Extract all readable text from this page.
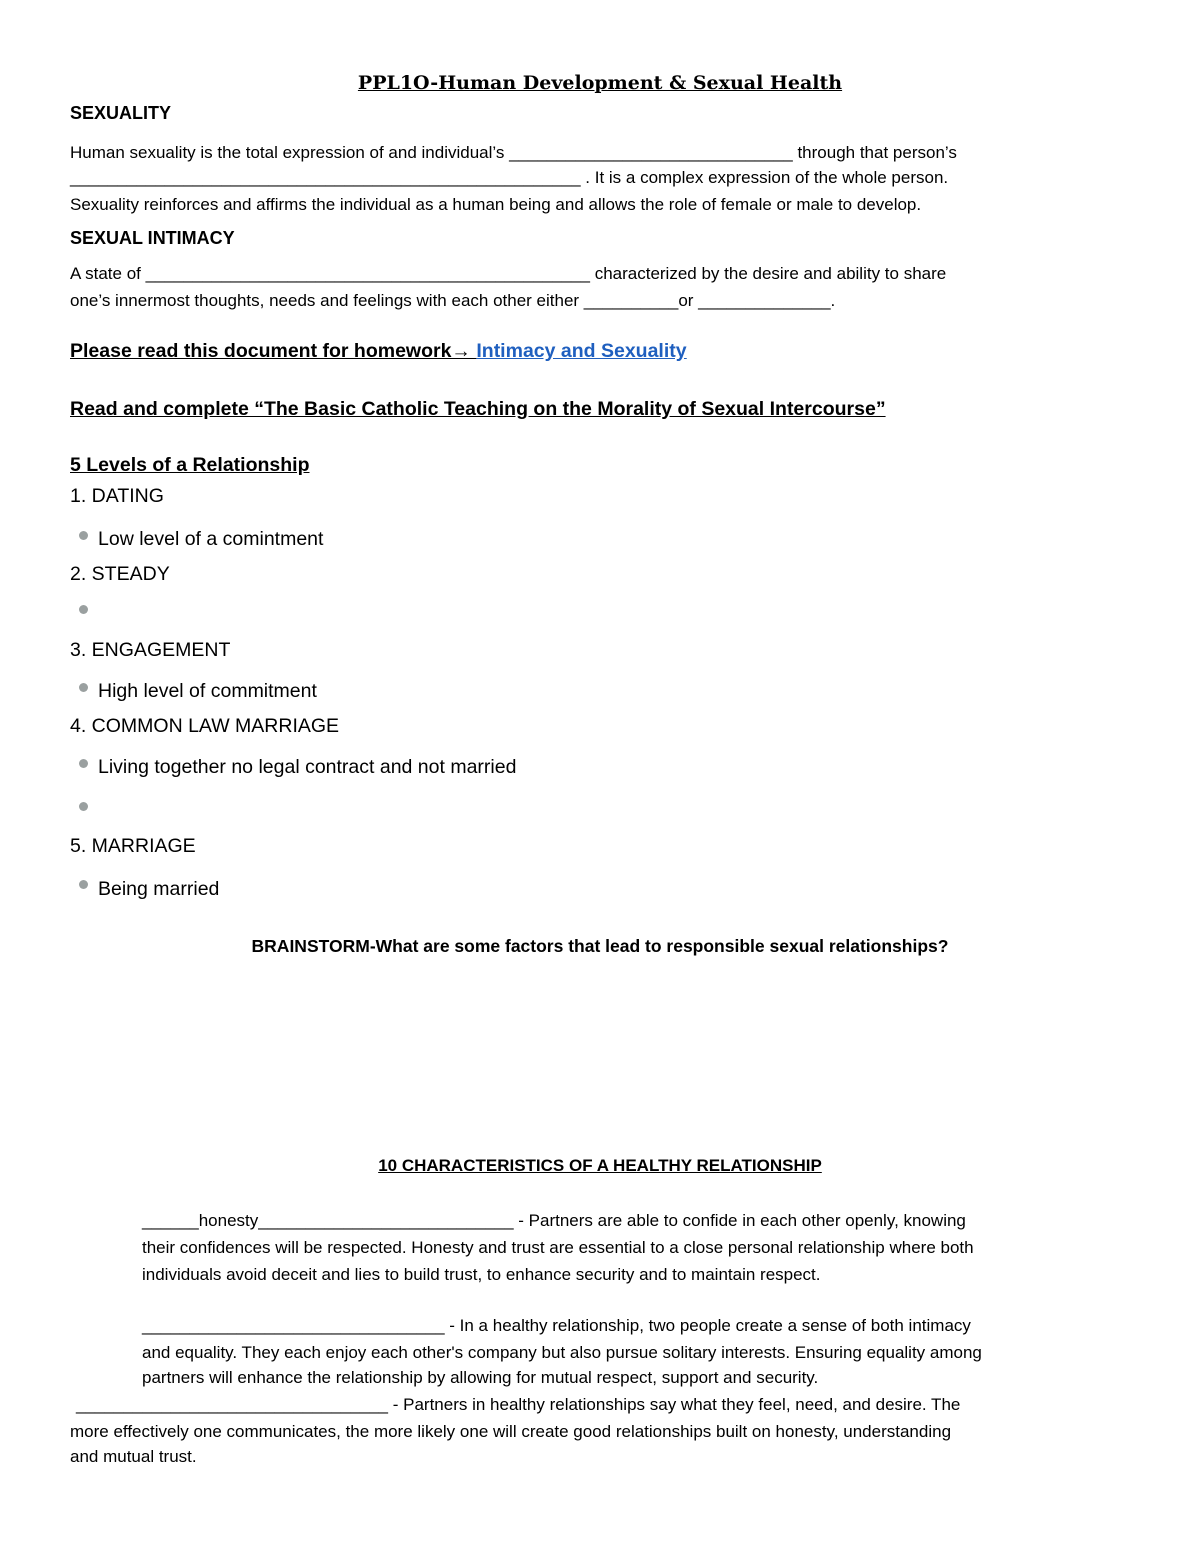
PPL1O-Human Development & Sexual Health
SEXUALITY
Human sexuality is the total expression of and individual’s ______________________________ through that person’s
______________________________________________________ . It is a complex expression of the whole person.
Sexuality reinforces and affirms the individual as a human being and allows the role of female or male to develop.
SEXUAL INTIMACY
A state of _______________________________________________ characterized by the desire and ability to share
one’s innermost thoughts, needs and feelings with each other either __________or ______________.
Please read this document for homework→ Intimacy and Sexuality
Read and complete “The Basic Catholic Teaching on the Morality of Sexual Intercourse”
5 Levels of a Relationship
1. DATING
Low level of a comintment
2. STEADY
3. ENGAGEMENT
High level of commitment
4. COMMON LAW MARRIAGE
Living together no legal contract and not married
5. MARRIAGE
Being married
BRAINSTORM-What are some factors that lead to responsible sexual relationships?
10 CHARACTERISTICS OF A HEALTHY RELATIONSHIP
______honesty___________________________ - Partners are able to confide in each other openly, knowing
their confidences will be respected. Honesty and trust are essential to a close personal relationship where both
individuals avoid deceit and lies to build trust, to enhance security and to maintain respect.
________________________________ - In a healthy relationship, two people create a sense of both intimacy
and equality. They each enjoy each other's company but also pursue solitary interests. Ensuring equality among
partners will enhance the relationship by allowing for mutual respect, support and security.
_________________________________ - Partners in healthy relationships say what they feel, need, and desire. The
more effectively one communicates, the more likely one will create good relationships built on honesty, understanding
and mutual trust.
